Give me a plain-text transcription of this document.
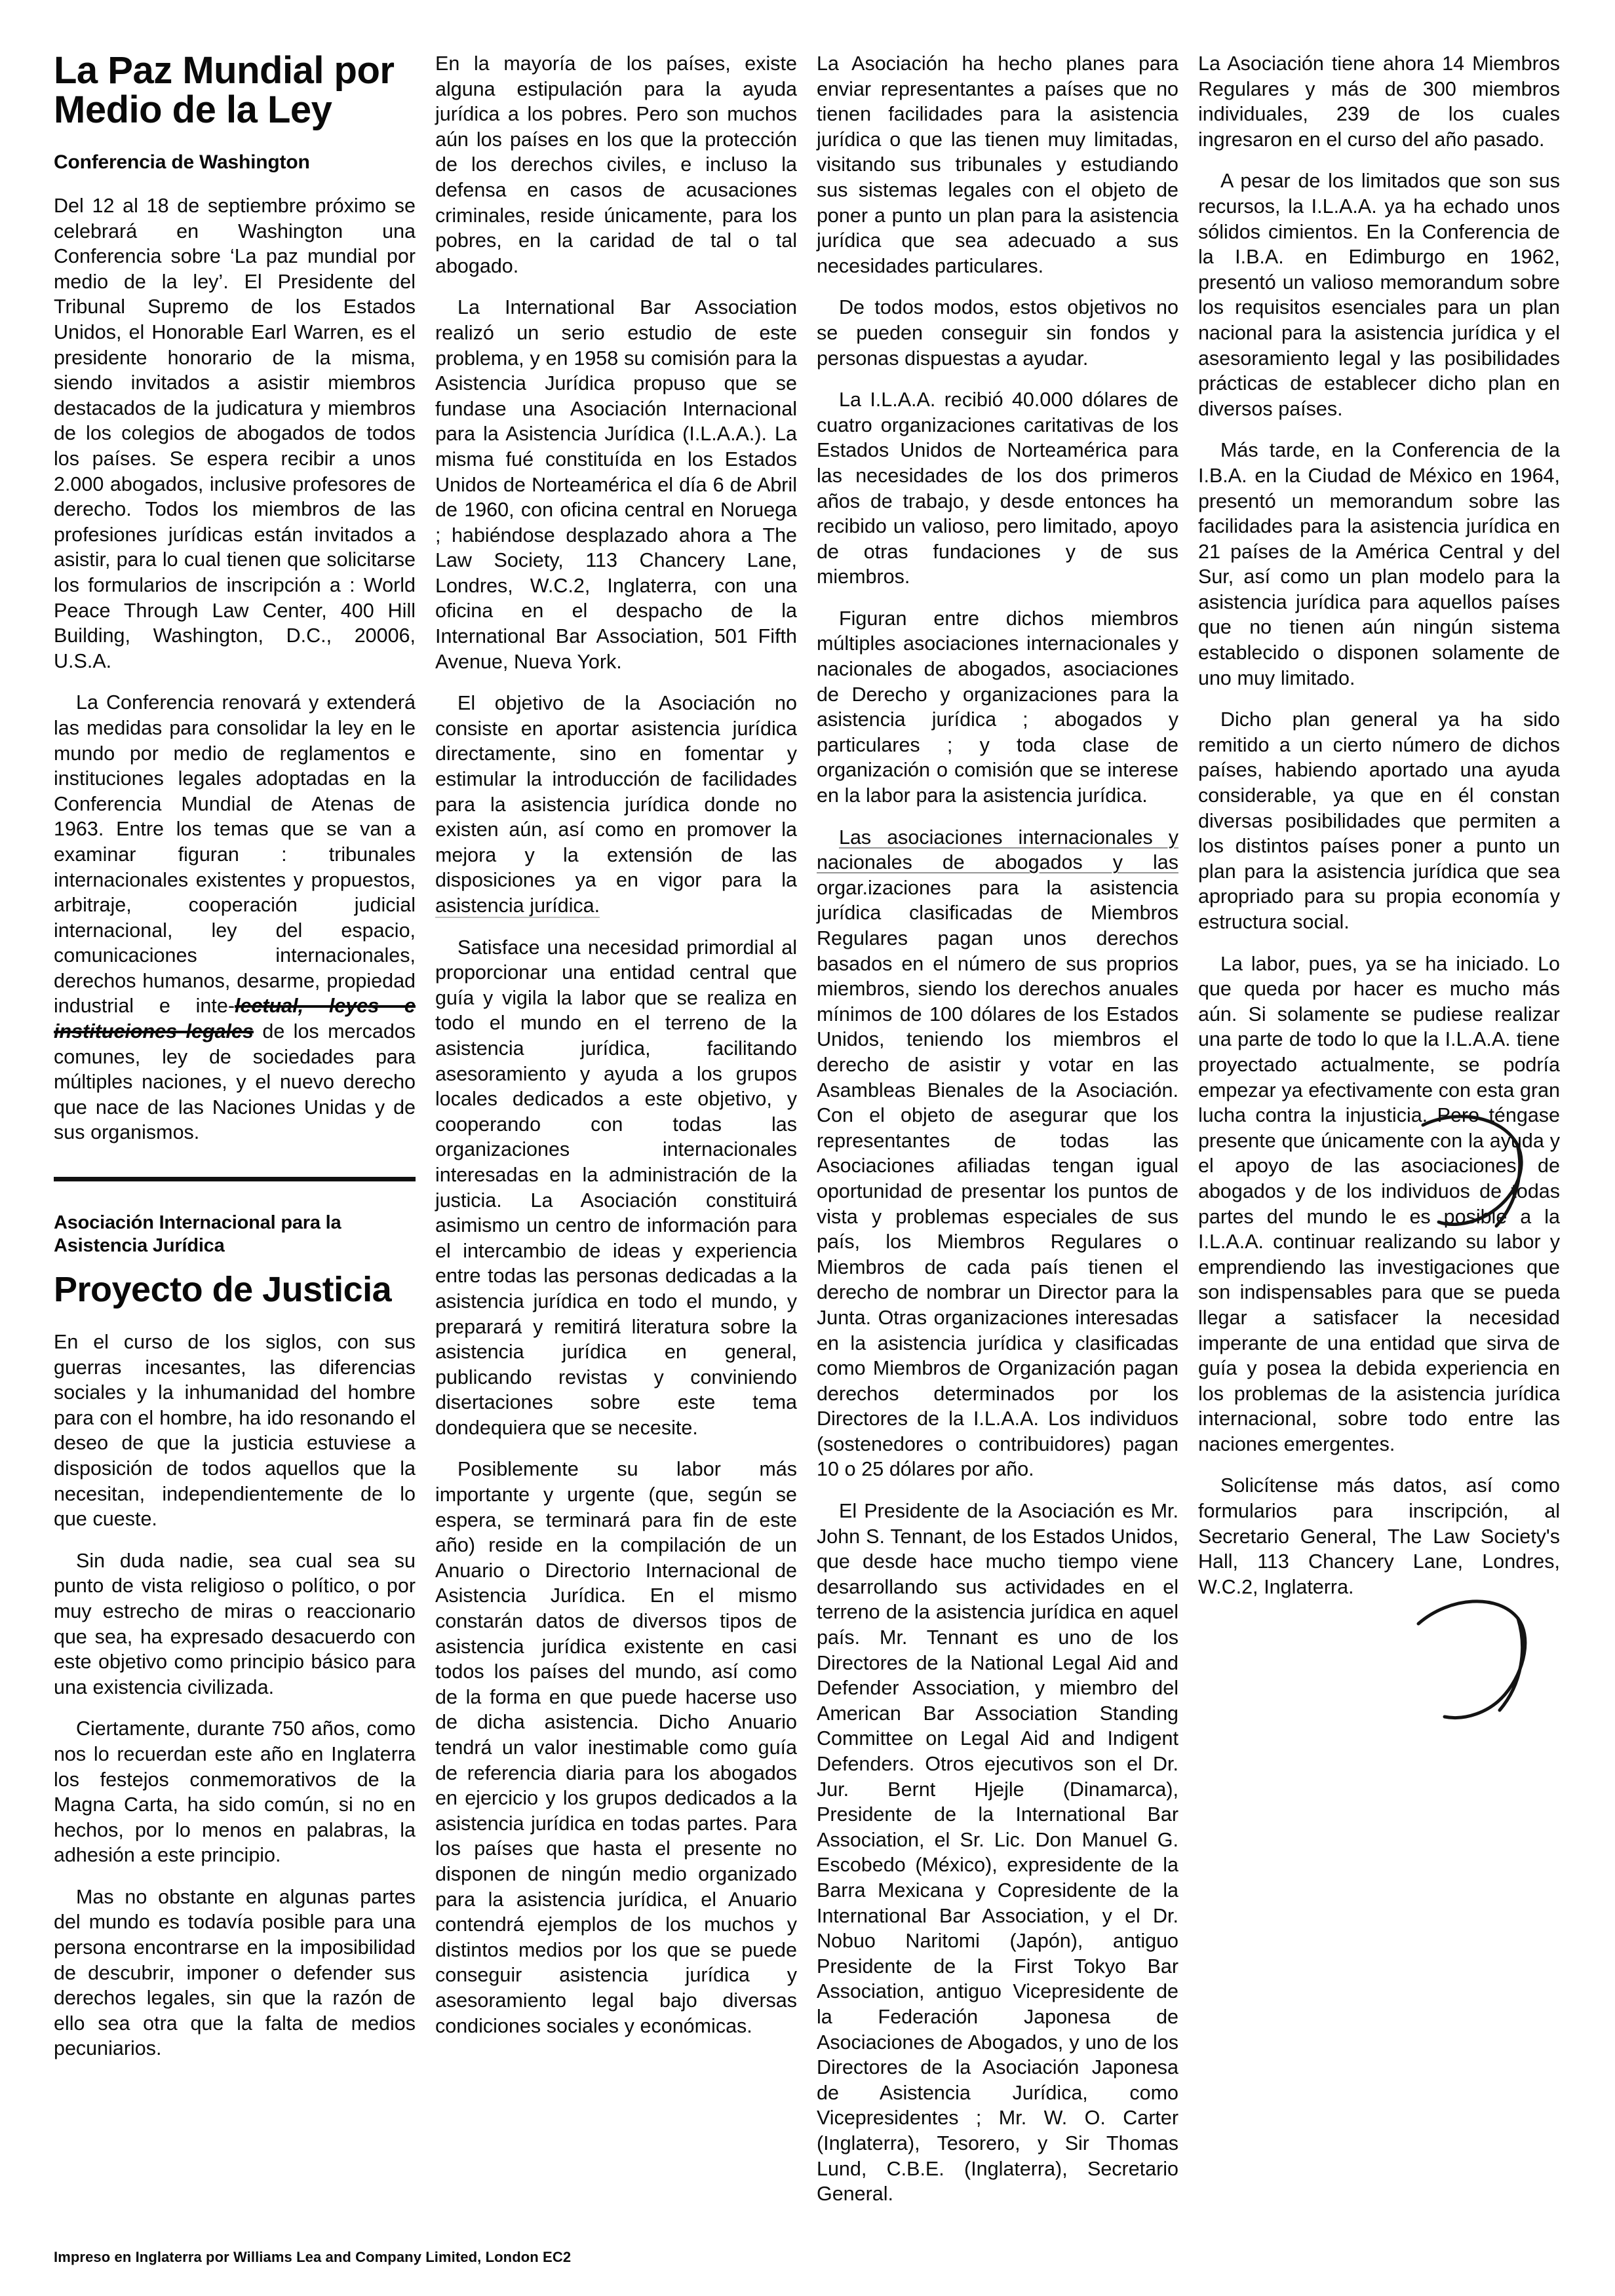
La Paz Mundial por Medio de la Ley
Conferencia de Washington

Del 12 al 18 de septiembre próximo se celebrará en Washington una Conferencia sobre ‘La paz mundial por medio de la ley’. El Presidente del Tribunal Supremo de los Estados Unidos, el Honorable Earl Warren, es el presidente honorario de la misma, siendo invitados a asistir miembros destacados de la judicatura y miembros de los colegios de abogados de todos los países. Se espera recibir a unos 2.000 abogados, inclusive profesores de derecho. Todos los miembros de las profesiones jurídicas están invitados a asistir, para lo cual tienen que solicitarse los formularios de inscripción a : World Peace Through Law Center, 400 Hill Building, Washington, D.C., 20006, U.S.A.

La Conferencia renovará y extenderá las medidas para consolidar la ley en le mundo por medio de reglamentos e instituciones legales adoptadas en la Conferencia Mundial de Atenas de 1963. Entre los temas que se van a examinar figuran : tribunales internacionales existentes y propuestos, arbitraje, cooperación judicial internacional, ley del espacio, comunicaciones internacionales, derechos humanos, desarme, propiedad industrial e inte-lectual, leyes e instituciones legales de los mercados comunes, ley de sociedades para múltiples naciones, y el nuevo derecho que nace de las Naciones Unidas y de sus organismos.

Asociación Internacional para la Asistencia Jurídica
Proyecto de Justicia

En el curso de los siglos, con sus guerras incesantes, las diferencias sociales y la inhumanidad del hombre para con el hombre, ha ido resonando el deseo de que la justicia estuviese a disposición de todos aquellos que la necesitan, independientemente de lo que cueste.

Sin duda nadie, sea cual sea su punto de vista religioso o político, o por muy estrecho de miras o reaccionario que sea, ha expresado desacuerdo con este objetivo como principio básico para una existencia civilizada.

Ciertamente, durante 750 años, como nos lo recuerdan este año en Inglaterra los festejos conmemorativos de la Magna Carta, ha sido común, si no en hechos, por lo menos en palabras, la adhesión a este principio.

Mas no obstante en algunas partes del mundo es todavía posible para una persona encontrarse en la imposibilidad de descubrir, imponer o defender sus derechos legales, sin que la razón de ello sea otra que la falta de medios pecuniarios.

En la mayoría de los países, existe alguna estipulación para la ayuda jurídica a los pobres. Pero son muchos aún los países en los que la protección de los derechos civiles, e incluso la defensa en casos de acusaciones criminales, reside únicamente, para los pobres, en la caridad de tal o tal abogado.

La International Bar Association realizó un serio estudio de este problema, y en 1958 su comisión para la Asistencia Jurídica propuso que se fundase una Asociación Internacional para la Asistencia Jurídica (I.L.A.A.). La misma fué constituída en los Estados Unidos de Norteamérica el día 6 de Abril de 1960, con oficina central en Noruega ; habiéndose desplazado ahora a The Law Society, 113 Chancery Lane, Londres, W.C.2, Inglaterra, con una oficina en el despacho de la International Bar Association, 501 Fifth Avenue, Nueva York.

El objetivo de la Asociación no consiste en aportar asistencia jurídica directamente, sino en fomentar y estimular la introducción de facilidades para la asistencia jurídica donde no existen aún, así como en promover la mejora y la extensión de las disposiciones ya en vigor para la asistencia jurídica.

Satisface una necesidad primordial al proporcionar una entidad central que guía y vigila la labor que se realiza en todo el mundo en el terreno de la asistencia jurídica, facilitando asesoramiento y ayuda a los grupos locales dedicados a este objetivo, y cooperando con todas las organizaciones internacionales interesadas en la administración de la justicia. La Asociación constituirá asimismo un centro de información para el intercambio de ideas y experiencia entre todas las personas dedicadas a la asistencia jurídica en todo el mundo, y preparará y remitirá literatura sobre la asistencia jurídica en general, publicando revistas y conviniendo disertaciones sobre este tema dondequiera que se necesite.

Posiblemente su labor más importante y urgente (que, según se espera, se terminará para fin de este año) reside en la compilación de un Anuario o Directorio Internacional de Asistencia Jurídica. En el mismo constarán datos de diversos tipos de asistencia jurídica existente en casi todos los países del mundo, así como de la forma en que puede hacerse uso de dicha asistencia. Dicho Anuario tendrá un valor inestimable como guía de referencia diaria para los abogados en ejercicio y los grupos dedicados a la asistencia jurídica en todas partes. Para los países que hasta el presente no disponen de ningún medio organizado para la asistencia jurídica, el Anuario contendrá ejemplos de los muchos y distintos medios por los que se puede conseguir asistencia jurídica y asesoramiento legal bajo diversas condiciones sociales y económicas.

La Asociación ha hecho planes para enviar representantes a países que no tienen facilidades para la asistencia jurídica o que las tienen muy limitadas, visitando sus tribunales y estudiando sus sistemas legales con el objeto de poner a punto un plan para la asistencia jurídica que sea adecuado a sus necesidades particulares.

De todos modos, estos objetivos no se pueden conseguir sin fondos y personas dispuestas a ayudar.

La I.L.A.A. recibió 40.000 dólares de cuatro organizaciones caritativas de los Estados Unidos de Norteamérica para las necesidades de los dos primeros años de trabajo, y desde entonces ha recibido un valioso, pero limitado, apoyo de otras fundaciones y de sus miembros.

Figuran entre dichos miembros múltiples asociaciones internacionales y nacionales de abogados, asociaciones de Derecho y organizaciones para la asistencia jurídica ; abogados y particulares ; y toda clase de organización o comisión que se interese en la labor para la asistencia jurídica.

Las asociaciones internacionales y nacionales de abogados y las orgar.izaciones para la asistencia jurídica clasificadas de Miembros Regulares pagan unos derechos basados en el número de sus proprios miembros, siendo los derechos anuales mínimos de 100 dólares de los Estados Unidos, teniendo los miembros el derecho de asistir y votar en las Asambleas Bienales de la Asociación. Con el objeto de asegurar que los representantes de todas las Asociaciones afiliadas tengan igual oportunidad de presentar los puntos de vista y problemas especiales de sus país, los Miembros Regulares o Miembros de cada país tienen el derecho de nombrar un Director para la Junta. Otras organizaciones interesadas en la asistencia jurídica y clasificadas como Miembros de Organización pagan derechos determinados por los Directores de la I.L.A.A. Los individuos (sostenedores o contribuidores) pagan 10 o 25 dólares por año.

El Presidente de la Asociación es Mr. John S. Tennant, de los Estados Unidos, que desde hace mucho tiempo viene desarrollando sus actividades en el terreno de la asistencia jurídica en aquel país. Mr. Tennant es uno de los Directores de la National Legal Aid and Defender Association, y miembro del American Bar Association Standing Committee on Legal Aid and Indigent Defenders. Otros ejecutivos son el Dr. Jur. Bernt Hjejle (Dinamarca), Presidente de la International Bar Association, el Sr. Lic. Don Manuel G. Escobedo (México), expresidente de la Barra Mexicana y Copresidente de la International Bar Association, y el Dr. Nobuo Naritomi (Japón), antiguo Presidente de la First Tokyo Bar Association, antiguo Vicepresidente de la Federación Japonesa de Asociaciones de Abogados, y uno de los Directores de la Asociación Japonesa de Asistencia Jurídica, como Vicepresidentes ; Mr. W. O. Carter (Inglaterra), Tesorero, y Sir Thomas Lund, C.B.E. (Inglaterra), Secretario General.

La Asociación tiene ahora 14 Miembros Regulares y más de 300 miembros individuales, 239 de los cuales ingresaron en el curso del año pasado.

A pesar de los limitados que son sus recursos, la I.L.A.A. ya ha echado unos sólidos cimientos. En la Conferencia de la I.B.A. en Edimburgo en 1962, presentó un valioso memorandum sobre los requisitos esenciales para un plan nacional para la asistencia jurídica y el asesoramiento legal y las posibilidades prácticas de establecer dicho plan en diversos países.

Más tarde, en la Conferencia de la I.B.A. en la Ciudad de México en 1964, presentó un memorandum sobre las facilidades para la asistencia jurídica en 21 países de la América Central y del Sur, así como un plan modelo para la asistencia jurídica para aquellos países que no tienen aún ningún sistema establecido o disponen solamente de uno muy limitado.

Dicho plan general ya ha sido remitido a un cierto número de dichos países, habiendo aportado una ayuda considerable, ya que en él constan diversas posibilidades que permiten a los distintos países poner a punto un plan para la asistencia jurídica que sea apropriado para su propia economía y estructura social.

La labor, pues, ya se ha iniciado. Lo que queda por hacer es mucho más aún. Si solamente se pudiese realizar una parte de todo lo que la I.L.A.A. tiene proyectado actualmente, se podría empezar ya efectivamente con esta gran lucha contra la injusticia. Pero téngase presente que únicamente con la ayuda y el apoyo de las asociaciones de abogados y de los individuos de todas partes del mundo le es posible a la I.L.A.A. continuar realizando su labor y emprendiendo las investigaciones que son indispensables para que se pueda llegar a satisfacer la necesidad imperante de una entidad que sirva de guía y posea la debida experiencia en los problemas de la asistencia jurídica internacional, sobre todo entre las naciones emergentes.

Solicítense más datos, así como formularios para inscripción, al Secretario General, The Law Society's Hall, 113 Chancery Lane, Londres, W.C.2, Inglaterra.

Impreso en Inglaterra por Williams Lea and Company Limited, London EC2
